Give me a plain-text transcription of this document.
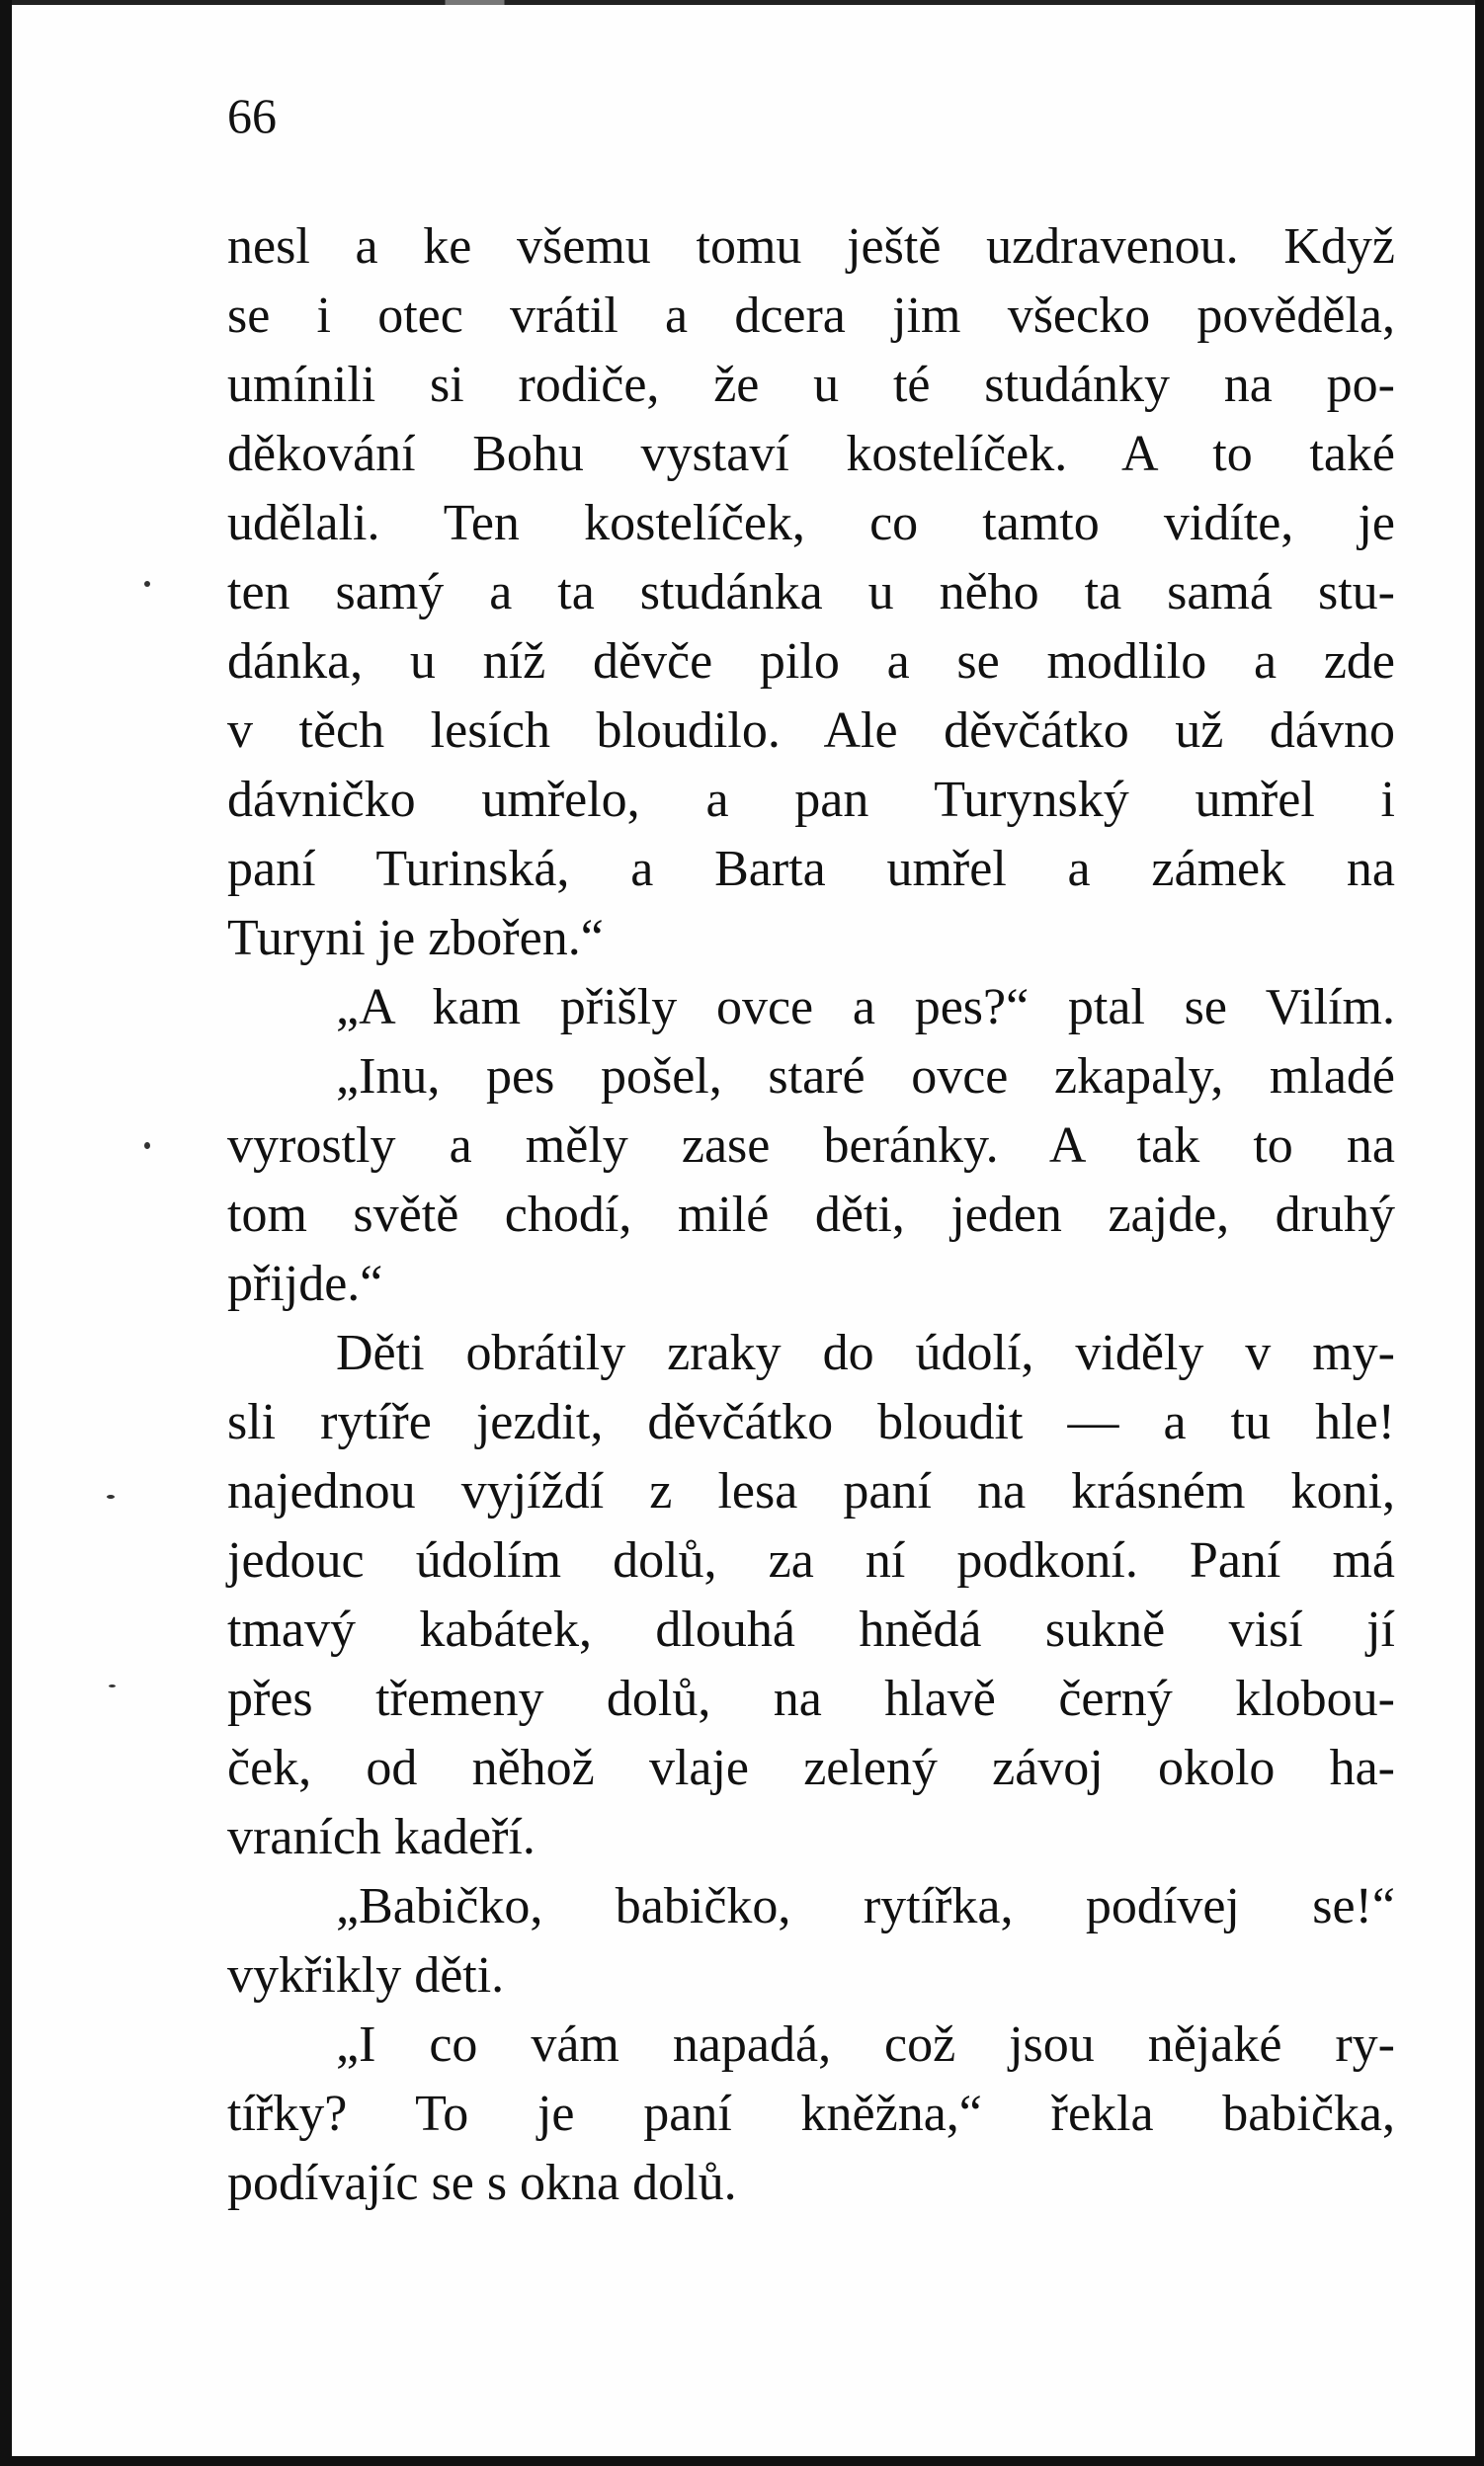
66
nesl a ke všemu tomu ještě uzdravenou. Když
se i otec vrátil a dcera jim všecko pověděla,
umínili si rodiče, že u té studánky na po-
děkování Bohu vystaví kostelíček. A to také
udělali. Ten kostelíček, co tamto vidíte, je
ten samý a ta studánka u něho ta samá stu-
dánka, u níž děvče pilo a se modlilo a zde
v těch lesích bloudilo. Ale děvčátko už dávno
dávničko umřelo, a pan Turynský umřel i
paní Turinská, a Barta umřel a zámek na
Turyni je zbořen.“
„A kam přišly ovce a pes?“ ptal se Vilím.
„Inu, pes pošel, staré ovce zkapaly, mladé
vyrostly a měly zase beránky. A tak to na
tom světě chodí, milé děti, jeden zajde, druhý
přijde.“
Děti obrátily zraky do údolí, viděly v my-
sli rytíře jezdit, děvčátko bloudit — a tu hle!
najednou vyjíždí z lesa paní na krásném koni,
jedouc údolím dolů, za ní podkoní. Paní má
tmavý kabátek, dlouhá hnědá sukně visí jí
přes třemeny dolů, na hlavě černý klobou-
ček, od něhož vlaje zelený závoj okolo ha-
vraních kadeří.
„Babičko, babičko, rytířka, podívej se!“
vykřikly děti.
„I co vám napadá, což jsou nějaké ry-
tířky? To je paní kněžna,“ řekla babička,
podívajíc se s okna dolů.
